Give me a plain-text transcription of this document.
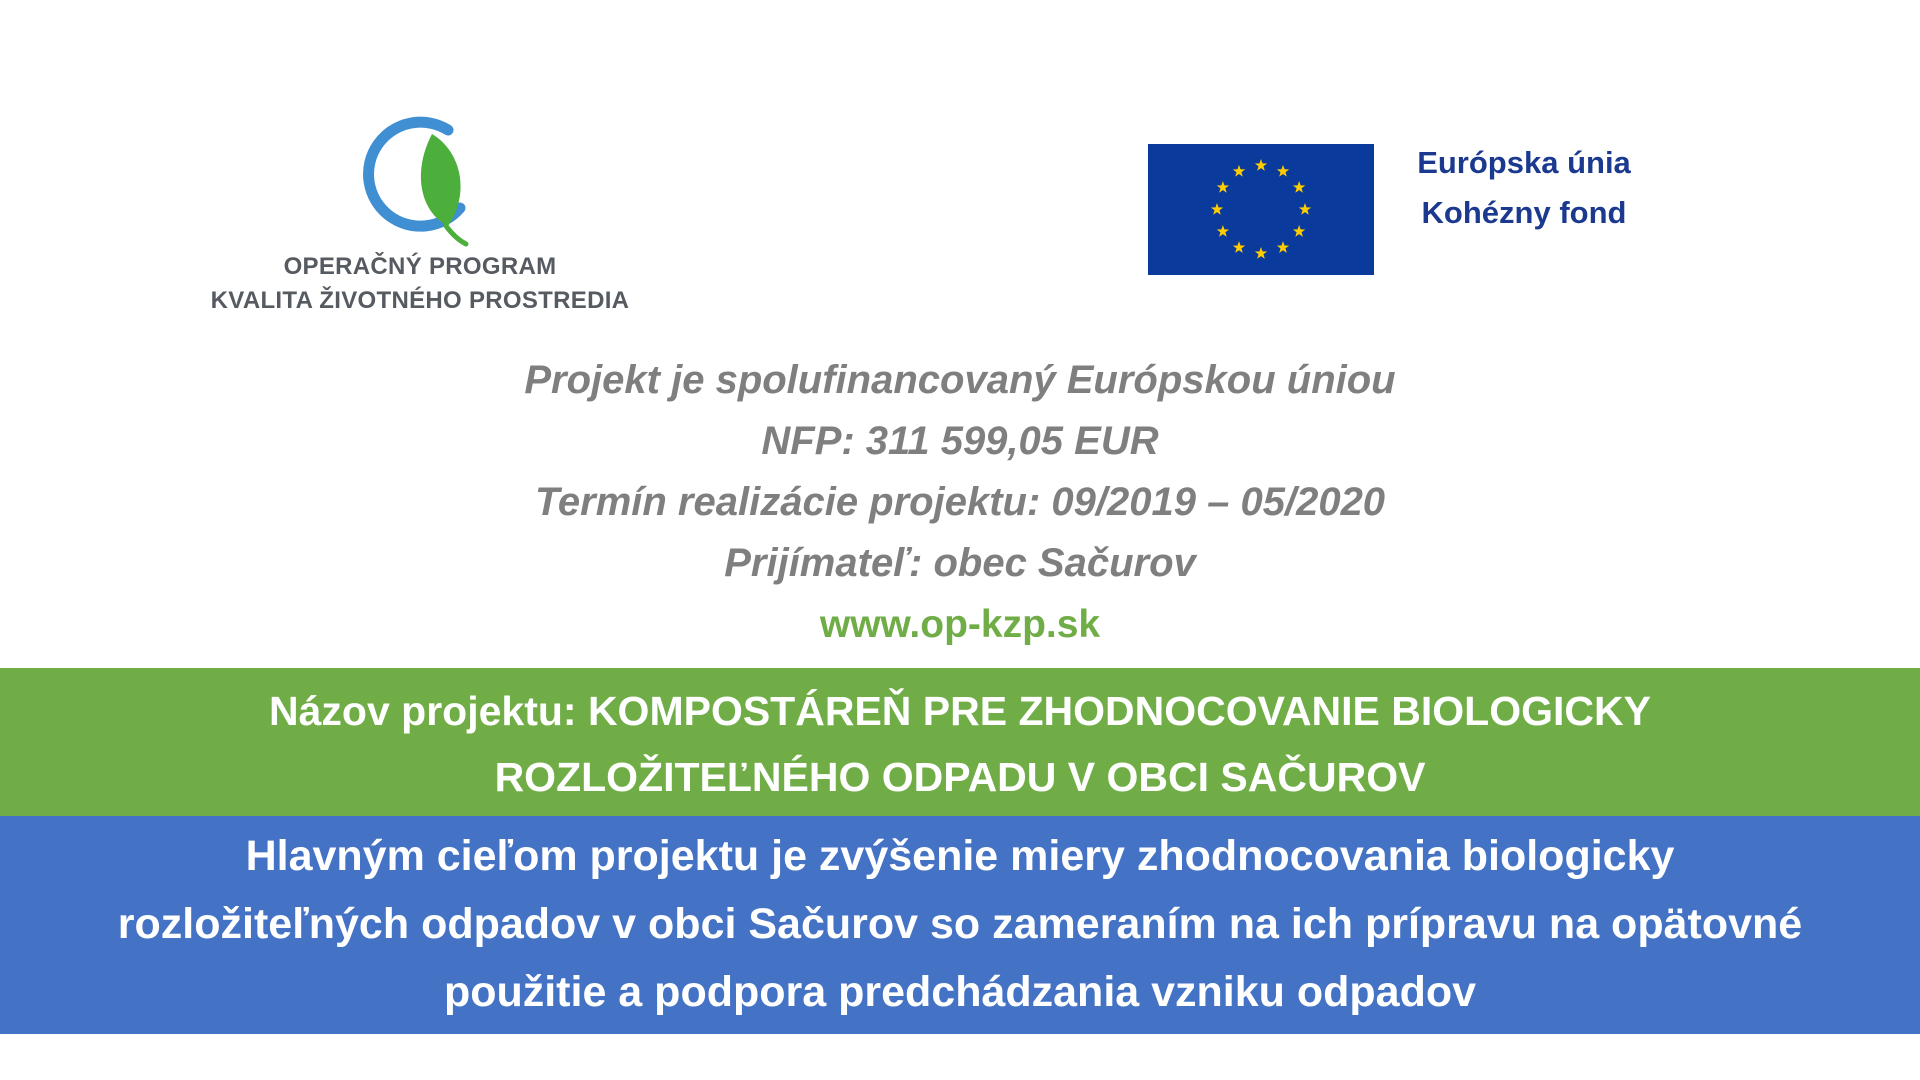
OPERAČNÝ PROGRAM
KVALITA ŽIVOTNÉHO PROSTREDIA
Európska únia
Kohézny fond
Projekt je spolufinancovaný Európskou úniou
NFP: 311 599,05 EUR
Termín realizácie projektu: 09/2019 – 05/2020
Prijímateľ: obec Sačurov
www.op-kzp.sk
Názov projektu: KOMPOSTÁREŇ PRE ZHODNOCOVANIE BIOLOGICKY
ROZLOŽITEĽNÉHO ODPADU V OBCI SAČUROV
Hlavným cieľom projektu je zvýšenie miery zhodnocovania biologicky
rozložiteľných odpadov v obci Sačurov so zameraním na ich prípravu na opätovné
použitie a podpora predchádzania vzniku odpadov
